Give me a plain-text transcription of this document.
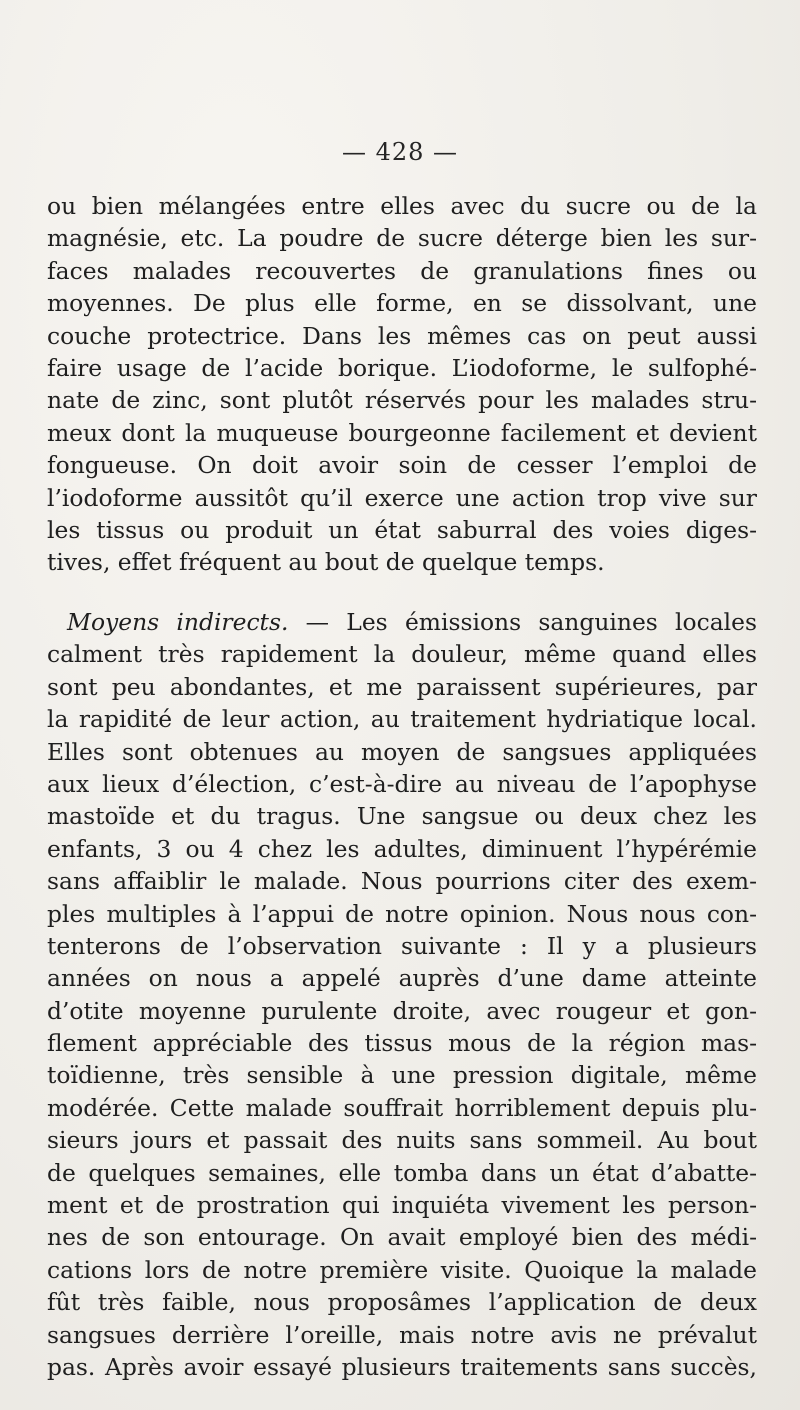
— 428 —
ou bien mélangées entre elles avec du sucre ou de la
magnésie, etc. La poudre de sucre déterge bien les sur-
faces malades recouvertes de granulations fines ou
moyennes. De plus elle forme, en se dissolvant, une
couche protectrice. Dans les mêmes cas on peut aussi
faire usage de l’acide borique. L’iodoforme, le sulfophé-
nate de zinc, sont plutôt réservés pour les malades stru-
meux dont la muqueuse bourgeonne facilement et devient
fongueuse. On doit avoir soin de cesser l’emploi de
l’iodoforme aussitôt qu’il exerce une action trop vive sur
les tissus ou produit un état saburral des voies diges-
tives, effet fréquent au bout de quelque temps.
Moyens indirects. — Les émissions sanguines locales
calment très rapidement la douleur, même quand elles
sont peu abondantes, et me paraissent supérieures, par
la rapidité de leur action, au traitement hydriatique local.
Elles sont obtenues au moyen de sangsues appliquées
aux lieux d’élection, c’est-à-dire au niveau de l’apophyse
mastoïde et du tragus. Une sangsue ou deux chez les
enfants, 3 ou 4 chez les adultes, diminuent l’hypérémie
sans affaiblir le malade. Nous pourrions citer des exem-
ples multiples à l’appui de notre opinion. Nous nous con-
tenterons de l’observation suivante : Il y a plusieurs
années on nous a appelé auprès d’une dame atteinte
d’otite moyenne purulente droite, avec rougeur et gon-
flement appréciable des tissus mous de la région mas-
toïdienne, très sensible à une pression digitale, même
modérée. Cette malade souffrait horriblement depuis plu-
sieurs jours et passait des nuits sans sommeil. Au bout
de quelques semaines, elle tomba dans un état d’abatte-
ment et de prostration qui inquiéta vivement les person-
nes de son entourage. On avait employé bien des médi-
cations lors de notre première visite. Quoique la malade
fût très faible, nous proposâmes l’application de deux
sangsues derrière l’oreille, mais notre avis ne prévalut
pas. Après avoir essayé plusieurs traitements sans succès,
